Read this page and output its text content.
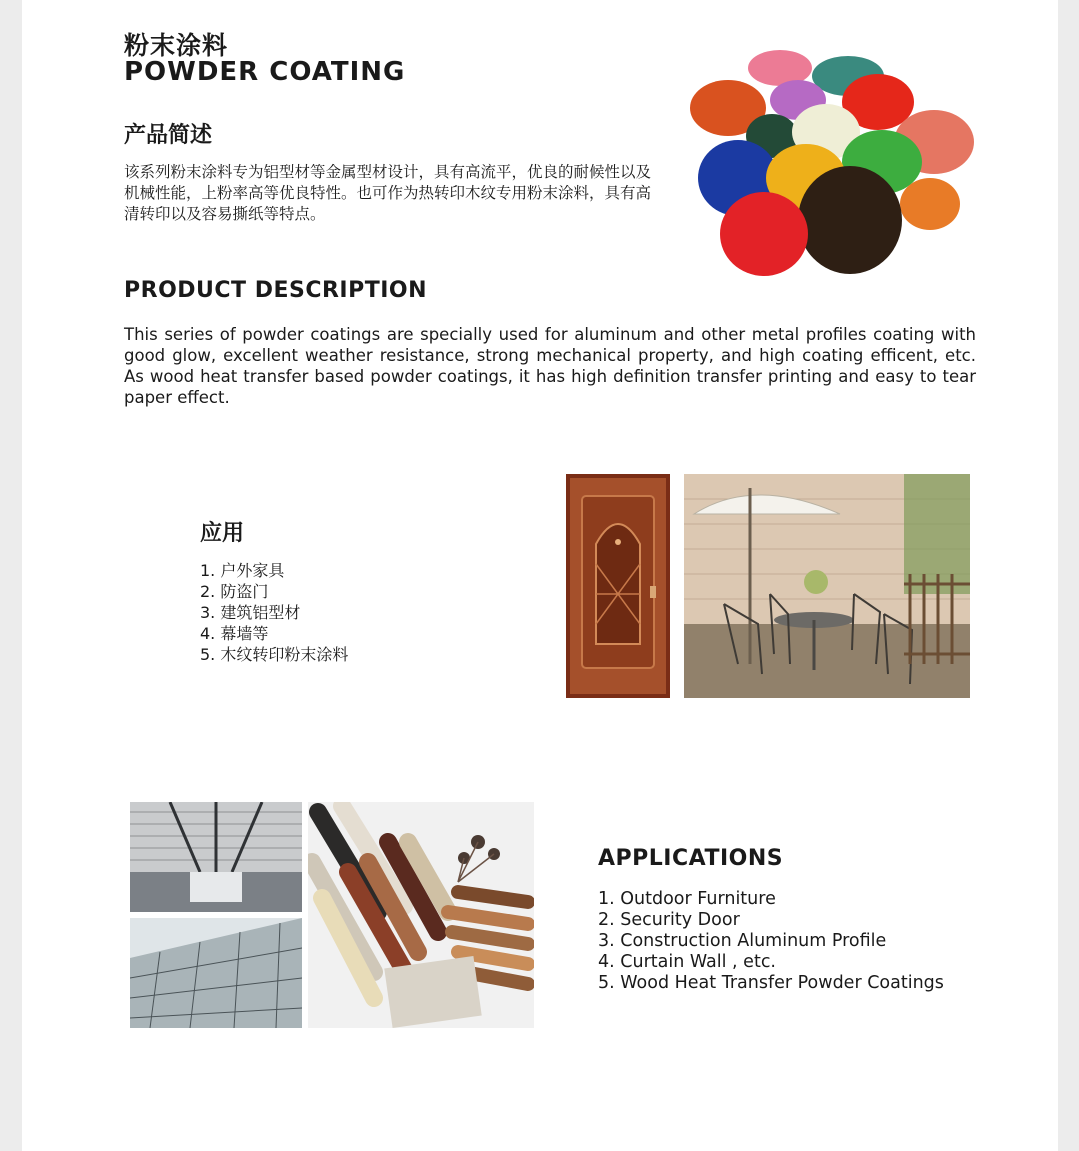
粉末涂料
POWDER COATING
产品简述
该系列粉末涂料专为铝型材等金属型材设计，具有高流平，优良的耐候性以及机械性能，上粉率高等优良特性。也可作为热转印木纹专用粉末涂料，具有高清转印以及容易撕纸等特点。
PRODUCT DESCRIPTION
This series of powder coatings are specially used for aluminum and other metal profiles coating with good glow, excellent weather resistance, strong mechanical property, and high coating efficent, etc. As wood heat transfer based powder coatings, it has high definition transfer printing and easy to tear paper effect.
应用
1. 户外家具
2. 防盗门
3. 建筑铝型材
4. 幕墙等
5. 木纹转印粉末涂料
APPLICATIONS
1. Outdoor Furniture
2. Security Door
3. Construction Aluminum Profile
4. Curtain Wall , etc.
5. Wood Heat Transfer Powder Coatings
